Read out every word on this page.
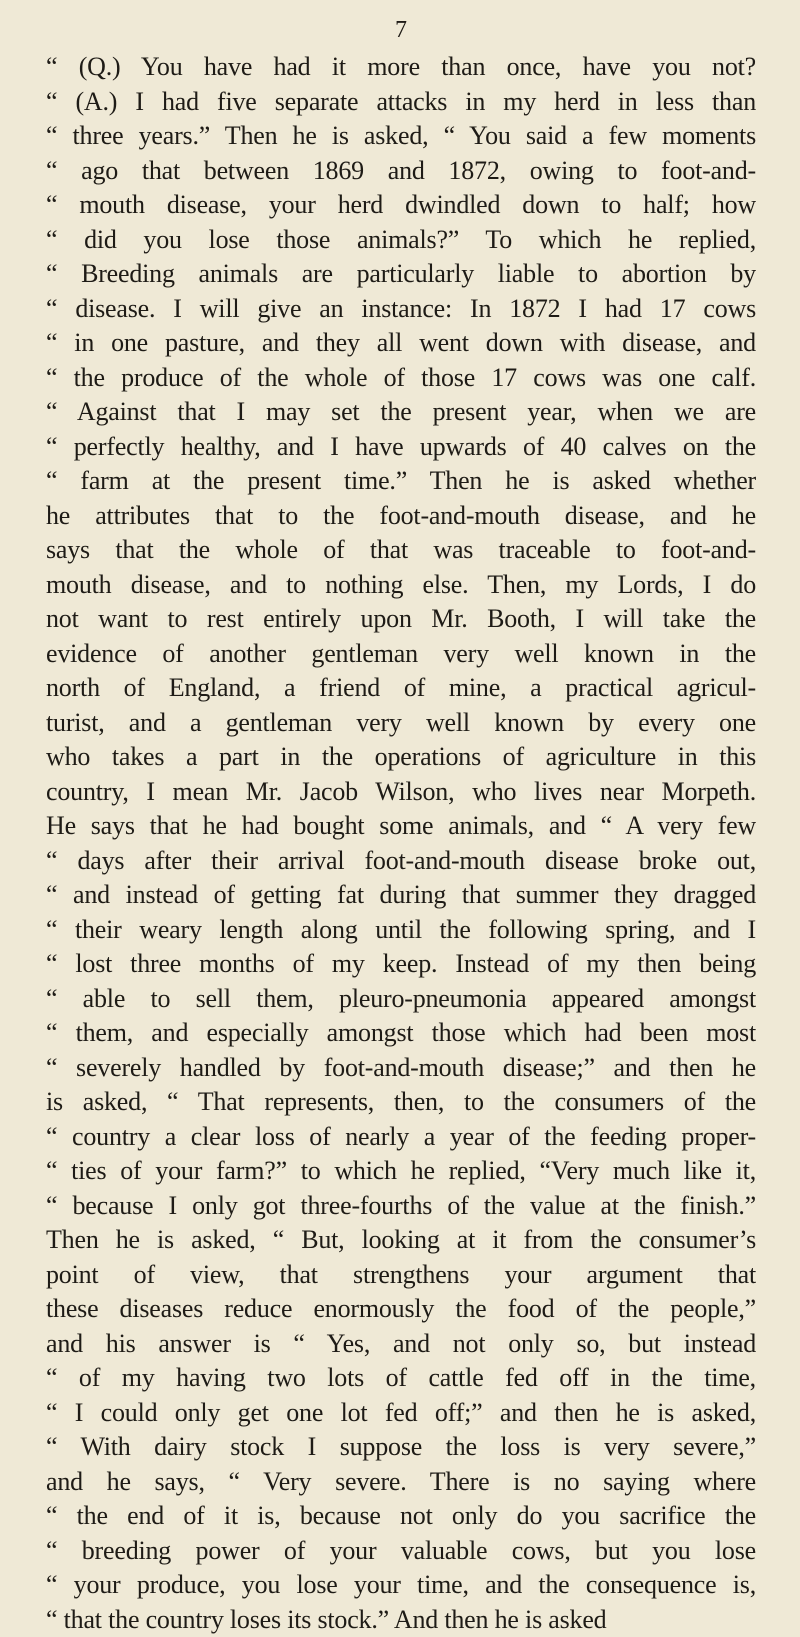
7
“ (Q.) You have had it more than once, have you not?
“ (A.) I had five separate attacks in my herd in less than
“ three years.” Then he is asked, “ You said a few moments
“ ago that between 1869 and 1872, owing to foot-and-
“ mouth disease, your herd dwindled down to half; how
“ did you lose those animals?” To which he replied,
“ Breeding animals are particularly liable to abortion by
“ disease. I will give an instance: In 1872 I had 17 cows
“ in one pasture, and they all went down with disease, and
“ the produce of the whole of those 17 cows was one calf.
“ Against that I may set the present year, when we are
“ perfectly healthy, and I have upwards of 40 calves on the
“ farm at the present time.” Then he is asked whether
he attributes that to the foot-and-mouth disease, and he
says that the whole of that was traceable to foot-and-
mouth disease, and to nothing else. Then, my Lords, I do
not want to rest entirely upon Mr. Booth, I will take the
evidence of another gentleman very well known in the
north of England, a friend of mine, a practical agricul-
turist, and a gentleman very well known by every one
who takes a part in the operations of agriculture in this
country, I mean Mr. Jacob Wilson, who lives near Morpeth.
He says that he had bought some animals, and “ A very few
“ days after their arrival foot-and-mouth disease broke out,
“ and instead of getting fat during that summer they dragged
“ their weary length along until the following spring, and I
“ lost three months of my keep. Instead of my then being
“ able to sell them, pleuro-pneumonia appeared amongst
“ them, and especially amongst those which had been most
“ severely handled by foot-and-mouth disease;” and then he
is asked, “ That represents, then, to the consumers of the
“ country a clear loss of nearly a year of the feeding proper-
“ ties of your farm?” to which he replied, “Very much like it,
“ because I only got three-fourths of the value at the finish.”
Then he is asked, “ But, looking at it from the consumer’s
point of view, that strengthens your argument that
these diseases reduce enormously the food of the people,”
and his answer is “ Yes, and not only so, but instead
“ of my having two lots of cattle fed off in the time,
“ I could only get one lot fed off;” and then he is asked,
“ With dairy stock I suppose the loss is very severe,”
and he says, “ Very severe. There is no saying where
“ the end of it is, because not only do you sacrifice the
“ breeding power of your valuable cows, but you lose
“ your produce, you lose your time, and the consequence is,
“ that the country loses its stock.” And then he is asked
